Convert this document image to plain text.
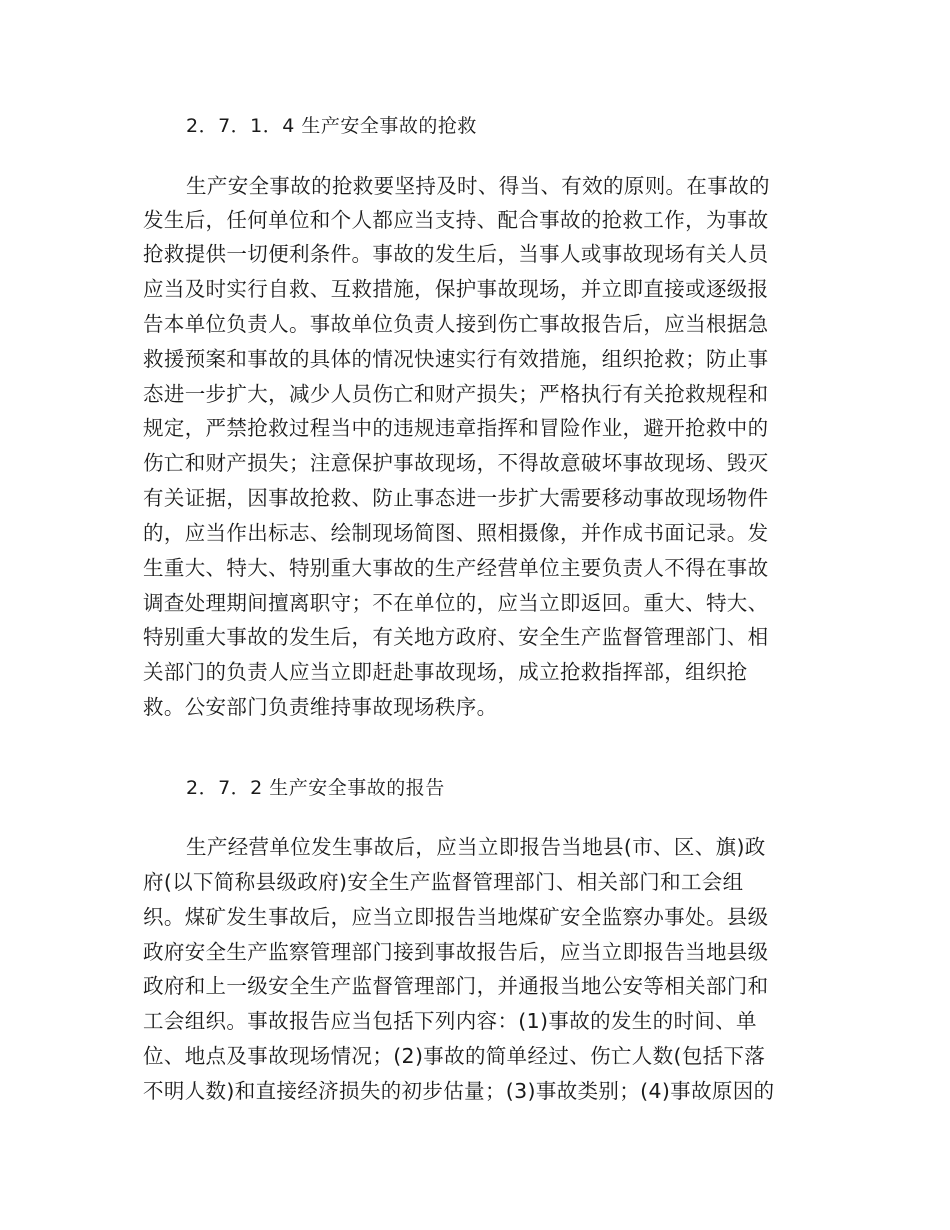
2．7．1．4 生产安全事故的抢救
生产安全事故的抢救要坚持及时、得当、有效的原则。在事故的
发生后，任何单位和个人都应当支持、配合事故的抢救工作，为事故
抢救提供一切便利条件。事故的发生后，当事人或事故现场有关人员
应当及时实行自救、互救措施，保护事故现场，并立即直接或逐级报
告本单位负责人。事故单位负责人接到伤亡事故报告后，应当根据急
救援预案和事故的具体的情况快速实行有效措施，组织抢救；防止事
态进一步扩大，减少人员伤亡和财产损失；严格执行有关抢救规程和
规定，严禁抢救过程当中的违规违章指挥和冒险作业，避开抢救中的
伤亡和财产损失；注意保护事故现场，不得故意破坏事故现场、毁灭
有关证据，因事故抢救、防止事态进一步扩大需要移动事故现场物件
的，应当作出标志、绘制现场简图、照相摄像，并作成书面记录。发
生重大、特大、特别重大事故的生产经营单位主要负责人不得在事故
调查处理期间擅离职守；不在单位的，应当立即返回。重大、特大、
特别重大事故的发生后，有关地方政府、安全生产监督管理部门、相
关部门的负责人应当立即赶赴事故现场，成立抢救指挥部，组织抢
救。公安部门负责维持事故现场秩序。
2．7．2 生产安全事故的报告
生产经营单位发生事故后，应当立即报告当地县(市、区、旗)政
府(以下简称县级政府)安全生产监督管理部门、相关部门和工会组
织。煤矿发生事故后，应当立即报告当地煤矿安全监察办事处。县级
政府安全生产监察管理部门接到事故报告后，应当立即报告当地县级
政府和上一级安全生产监督管理部门，并通报当地公安等相关部门和
工会组织。事故报告应当包括下列内容：(1)事故的发生的时间、单
位、地点及事故现场情况；(2)事故的简单经过、伤亡人数(包括下落
不明人数)和直接经济损失的初步估量；(3)事故类别；(4)事故原因的
